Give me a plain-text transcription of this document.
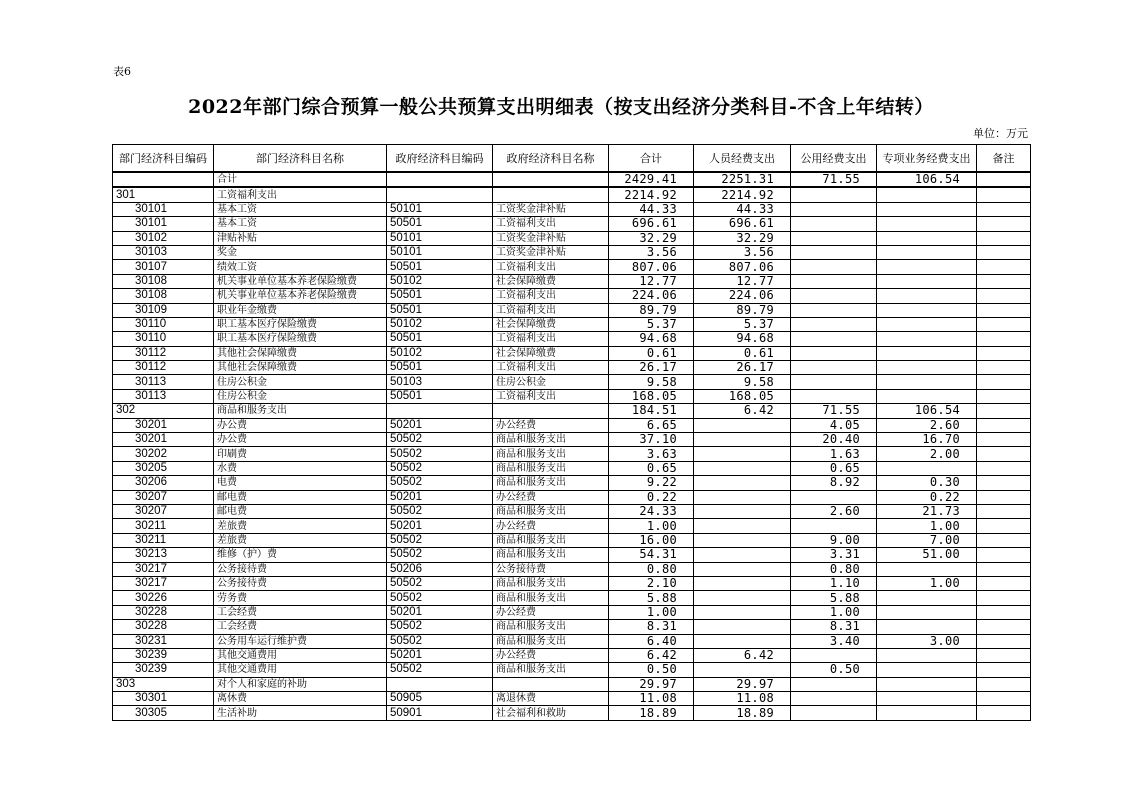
表6
2022年部门综合预算一般公共预算支出明细表（按支出经济分类科目-不含上年结转）
单位：万元
部门经济科目编码	部门经济科目名称	政府经济科目编码	政府经济科目名称	合计	人员经费支出	公用经费支出	专项业务经费支出	备注
	合计			2429.41	2251.31	71.55	106.54	
301	工资福利支出			2214.92	2214.92			
30101	基本工资	50101	工资奖金津补贴	44.33	44.33			
30101	基本工资	50501	工资福利支出	696.61	696.61			
30102	津贴补贴	50101	工资奖金津补贴	32.29	32.29			
30103	奖金	50101	工资奖金津补贴	3.56	3.56			
30107	绩效工资	50501	工资福利支出	807.06	807.06			
30108	机关事业单位基本养老保险缴费	50102	社会保障缴费	12.77	12.77			
30108	机关事业单位基本养老保险缴费	50501	工资福利支出	224.06	224.06			
30109	职业年金缴费	50501	工资福利支出	89.79	89.79			
30110	职工基本医疗保险缴费	50102	社会保障缴费	5.37	5.37			
30110	职工基本医疗保险缴费	50501	工资福利支出	94.68	94.68			
30112	其他社会保障缴费	50102	社会保障缴费	0.61	0.61			
30112	其他社会保障缴费	50501	工资福利支出	26.17	26.17			
30113	住房公积金	50103	住房公积金	9.58	9.58			
30113	住房公积金	50501	工资福利支出	168.05	168.05			
302	商品和服务支出			184.51	6.42	71.55	106.54	
30201	办公费	50201	办公经费	6.65		4.05	2.60	
30201	办公费	50502	商品和服务支出	37.10		20.40	16.70	
30202	印刷费	50502	商品和服务支出	3.63		1.63	2.00	
30205	水费	50502	商品和服务支出	0.65		0.65		
30206	电费	50502	商品和服务支出	9.22		8.92	0.30	
30207	邮电费	50201	办公经费	0.22			0.22	
30207	邮电费	50502	商品和服务支出	24.33		2.60	21.73	
30211	差旅费	50201	办公经费	1.00			1.00	
30211	差旅费	50502	商品和服务支出	16.00		9.00	7.00	
30213	维修（护）费	50502	商品和服务支出	54.31		3.31	51.00	
30217	公务接待费	50206	公务接待费	0.80		0.80		
30217	公务接待费	50502	商品和服务支出	2.10		1.10	1.00	
30226	劳务费	50502	商品和服务支出	5.88		5.88		
30228	工会经费	50201	办公经费	1.00		1.00		
30228	工会经费	50502	商品和服务支出	8.31		8.31		
30231	公务用车运行维护费	50502	商品和服务支出	6.40		3.40	3.00	
30239	其他交通费用	50201	办公经费	6.42	6.42			
30239	其他交通费用	50502	商品和服务支出	0.50		0.50		
303	对个人和家庭的补助			29.97	29.97			
30301	离休费	50905	离退休费	11.08	11.08			
30305	生活补助	50901	社会福利和救助	18.89	18.89			
